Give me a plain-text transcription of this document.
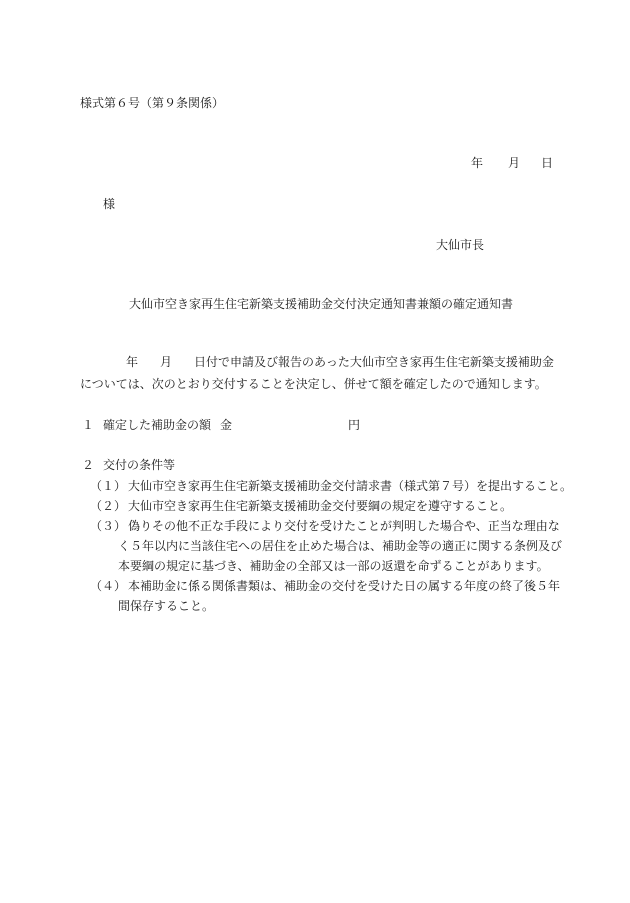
様式第６号（第９条関係）
年 月 日
様
大仙市長
大仙市空き家再生住宅新築支援補助金交付決定通知書兼額の確定通知書
年 月 日付で申請及び報告のあった大仙市空き家再生住宅新築支援補助金
については、次のとおり交付することを決定し、併せて額を確定したので通知します。
１ 確定した補助金の額 金	円
２ 交付の条件等
（１） 大仙市空き家再生住宅新築支援補助金交付請求書（様式第７号）を提出すること。
（２） 大仙市空き家再生住宅新築支援補助金交付要綱の規定を遵守すること。
（３） 偽りその他不正な手段により交付を受けたことが判明した場合や、正当な理由な
く５年以内に当該住宅への居住を止めた場合は、補助金等の適正に関する条例及び
本要綱の規定に基づき、補助金の全部又は一部の返還を命ずることがあります。
（４） 本補助金に係る関係書類は、補助金の交付を受けた日の属する年度の終了後５年
間保存すること。
